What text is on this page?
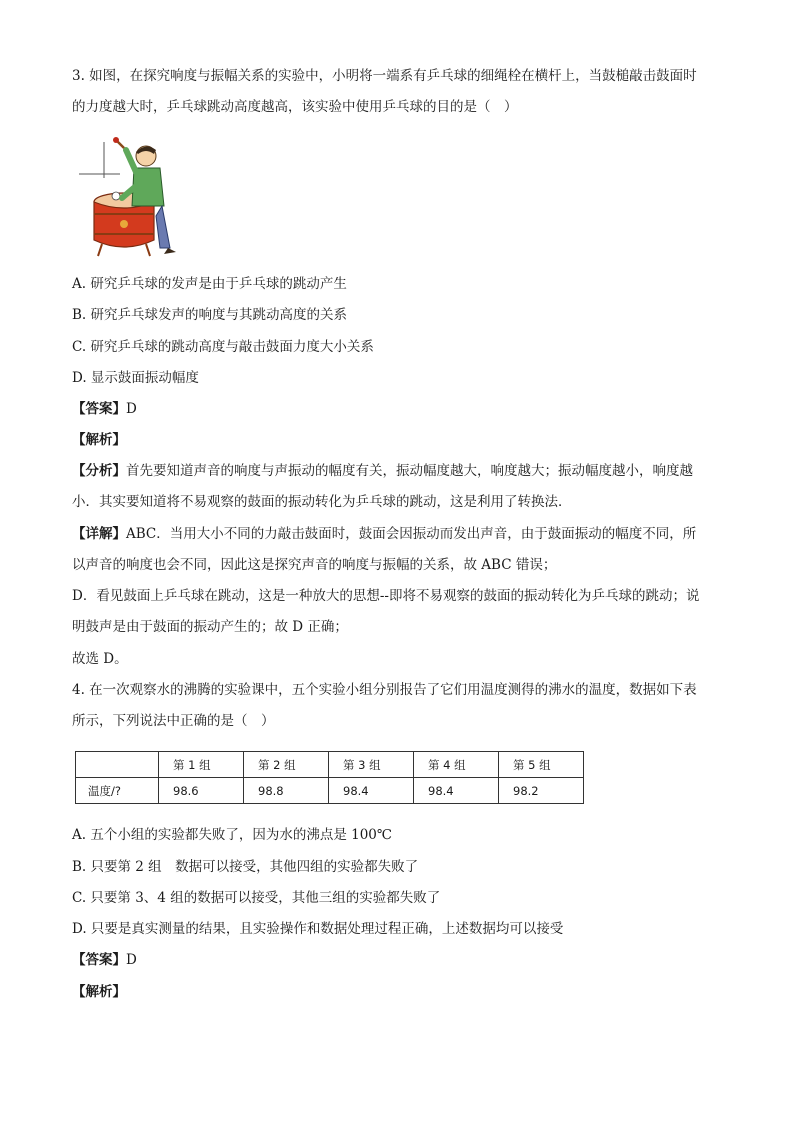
3. 如图，在探究响度与振幅关系的实验中，小明将一端系有乒乓球的细绳栓在横杆上，当鼓槌敲击鼓面时
的力度越大时，乒乓球跳动高度越高，该实验中使用乒乓球的目的是（　）
A. 研究乒乓球的发声是由于乒乓球的跳动产生
B. 研究乒乓球发声的响度与其跳动高度的关系
C. 研究乒乓球的跳动高度与敲击鼓面力度大小关系
D. 显示鼓面振动幅度
【答案】D
【解析】
【分析】首先要知道声音的响度与声振动的幅度有关，振动幅度越大，响度越大；振动幅度越小，响度越
小．其实要知道将不易观察的鼓面的振动转化为乒乓球的跳动，这是利用了转换法．
【详解】ABC．当用大小不同的力敲击鼓面时，鼓面会因振动而发出声音，由于鼓面振动的幅度不同，所
以声音的响度也会不同，因此这是探究声音的响度与振幅的关系，故 ABC 错误；
D．看见鼓面上乒乓球在跳动，这是一种放大的思想--即将不易观察的鼓面的振动转化为乒乓球的跳动；说
明鼓声是由于鼓面的振动产生的；故 D 正确；
故选 D。
4. 在一次观察水的沸腾的实验课中，五个实验小组分别报告了它们用温度测得的沸水的温度，数据如下表
所示，下列说法中正确的是（　）
	第 1 组	第 2 组	第 3 组	第 4 组	第 5 组
温度/?	98.6	98.8	98.4	98.4	98.2
A. 五个小组的实验都失败了，因为水的沸点是 100℃
B. 只要第 2 组　数据可以接受，其他四组的实验都失败了
C. 只要第 3、4 组的数据可以接受，其他三组的实验都失败了
D. 只要是真实测量的结果，且实验操作和数据处理过程正确，上述数据均可以接受
【答案】D
【解析】
